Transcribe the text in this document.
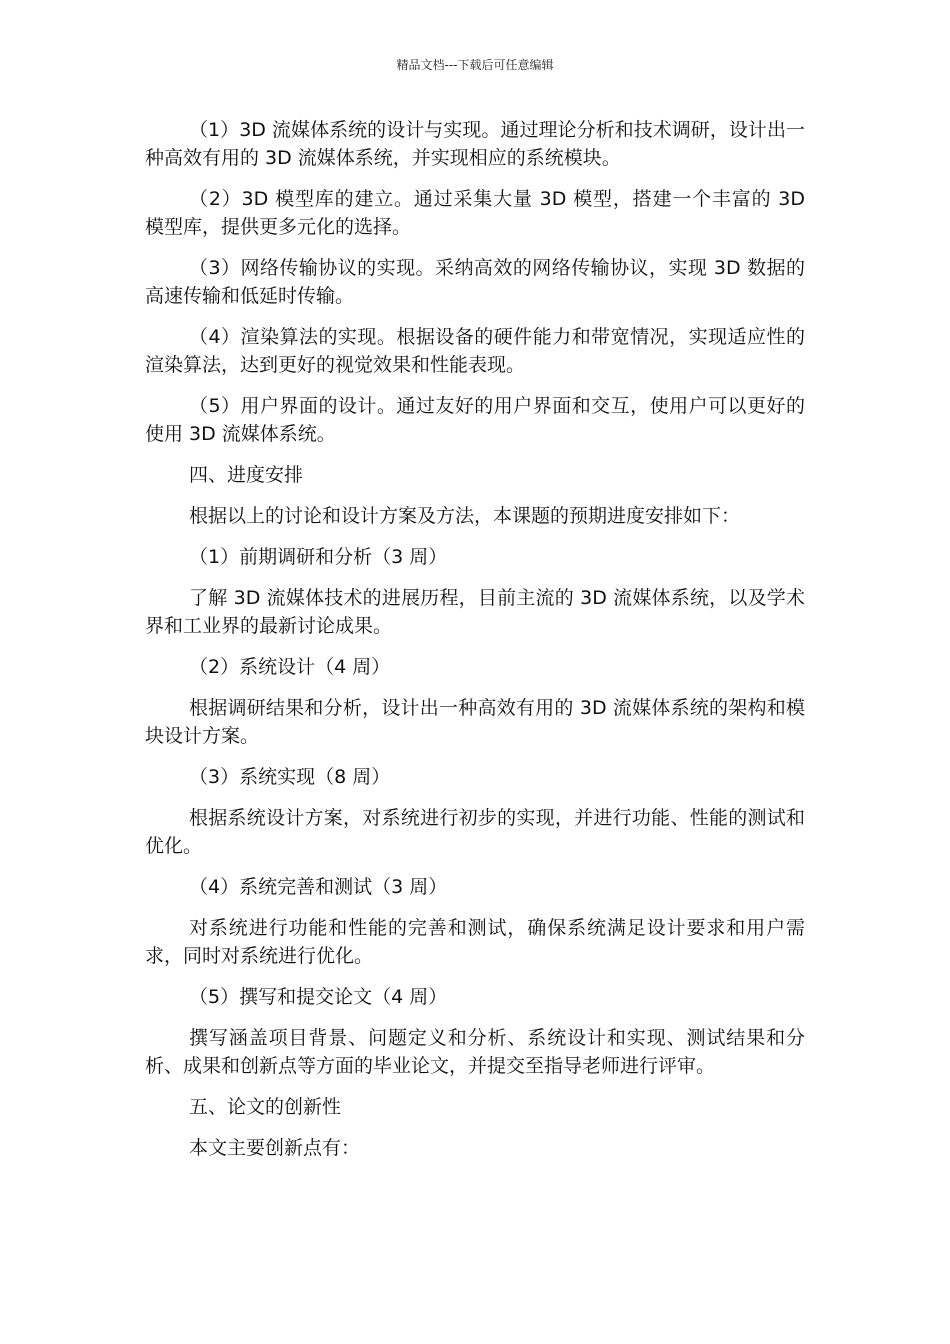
精品文档---下载后可任意编辑

（1）3D 流媒体系统的设计与实现。通过理论分析和技术调研，设计出一种高效有用的 3D 流媒体系统，并实现相应的系统模块。

（2）3D 模型库的建立。通过采集大量 3D 模型，搭建一个丰富的 3D 模型库，提供更多元化的选择。

（3）网络传输协议的实现。采纳高效的网络传输协议，实现 3D 数据的高速传输和低延时传输。

（4）渲染算法的实现。根据设备的硬件能力和带宽情况，实现适应性的渲染算法，达到更好的视觉效果和性能表现。

（5）用户界面的设计。通过友好的用户界面和交互，使用户可以更好的使用 3D 流媒体系统。

四、进度安排

根据以上的讨论和设计方案及方法，本课题的预期进度安排如下：

（1）前期调研和分析（3 周）

了解 3D 流媒体技术的进展历程，目前主流的 3D 流媒体系统，以及学术界和工业界的最新讨论成果。

（2）系统设计（4 周）

根据调研结果和分析，设计出一种高效有用的 3D 流媒体系统的架构和模块设计方案。

（3）系统实现（8 周）

根据系统设计方案，对系统进行初步的实现，并进行功能、性能的测试和优化。

（4）系统完善和测试（3 周）

对系统进行功能和性能的完善和测试，确保系统满足设计要求和用户需求，同时对系统进行优化。

（5）撰写和提交论文（4 周）

撰写涵盖项目背景、问题定义和分析、系统设计和实现、测试结果和分析、成果和创新点等方面的毕业论文，并提交至指导老师进行评审。

五、论文的创新性

本文主要创新点有：
